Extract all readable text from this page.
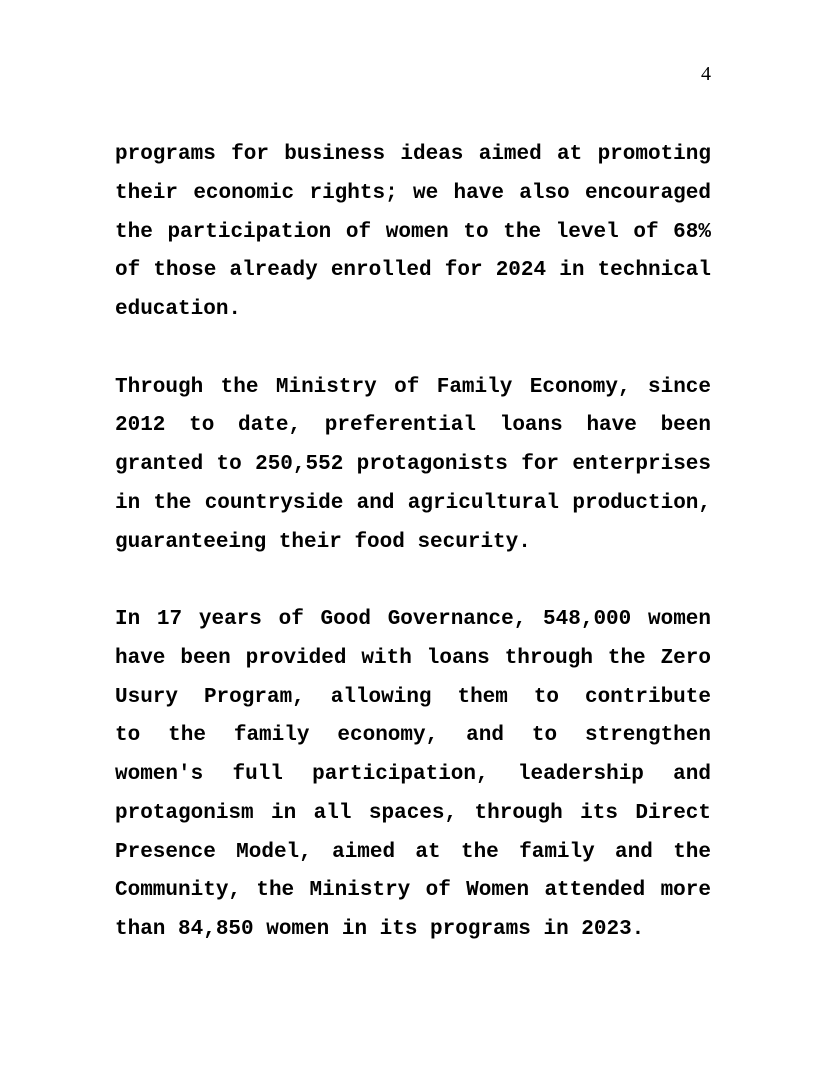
4
programs for business ideas aimed at promoting
their economic rights; we have also encouraged
the participation of women to the level of 68%
of those already enrolled for 2024 in technical
education.
Through the Ministry of Family Economy, since
2012 to date, preferential loans have been
granted to 250,552 protagonists for enterprises
in the countryside and agricultural production,
guaranteeing their food security.
In 17 years of Good Governance, 548,000 women
have been provided with loans through the Zero
Usury Program, allowing them to contribute
to the family economy, and to strengthen
women's full participation, leadership and
protagonism in all spaces, through its Direct
Presence Model, aimed at the family and the
Community, the Ministry of Women attended more
than 84,850 women in its programs in 2023.
